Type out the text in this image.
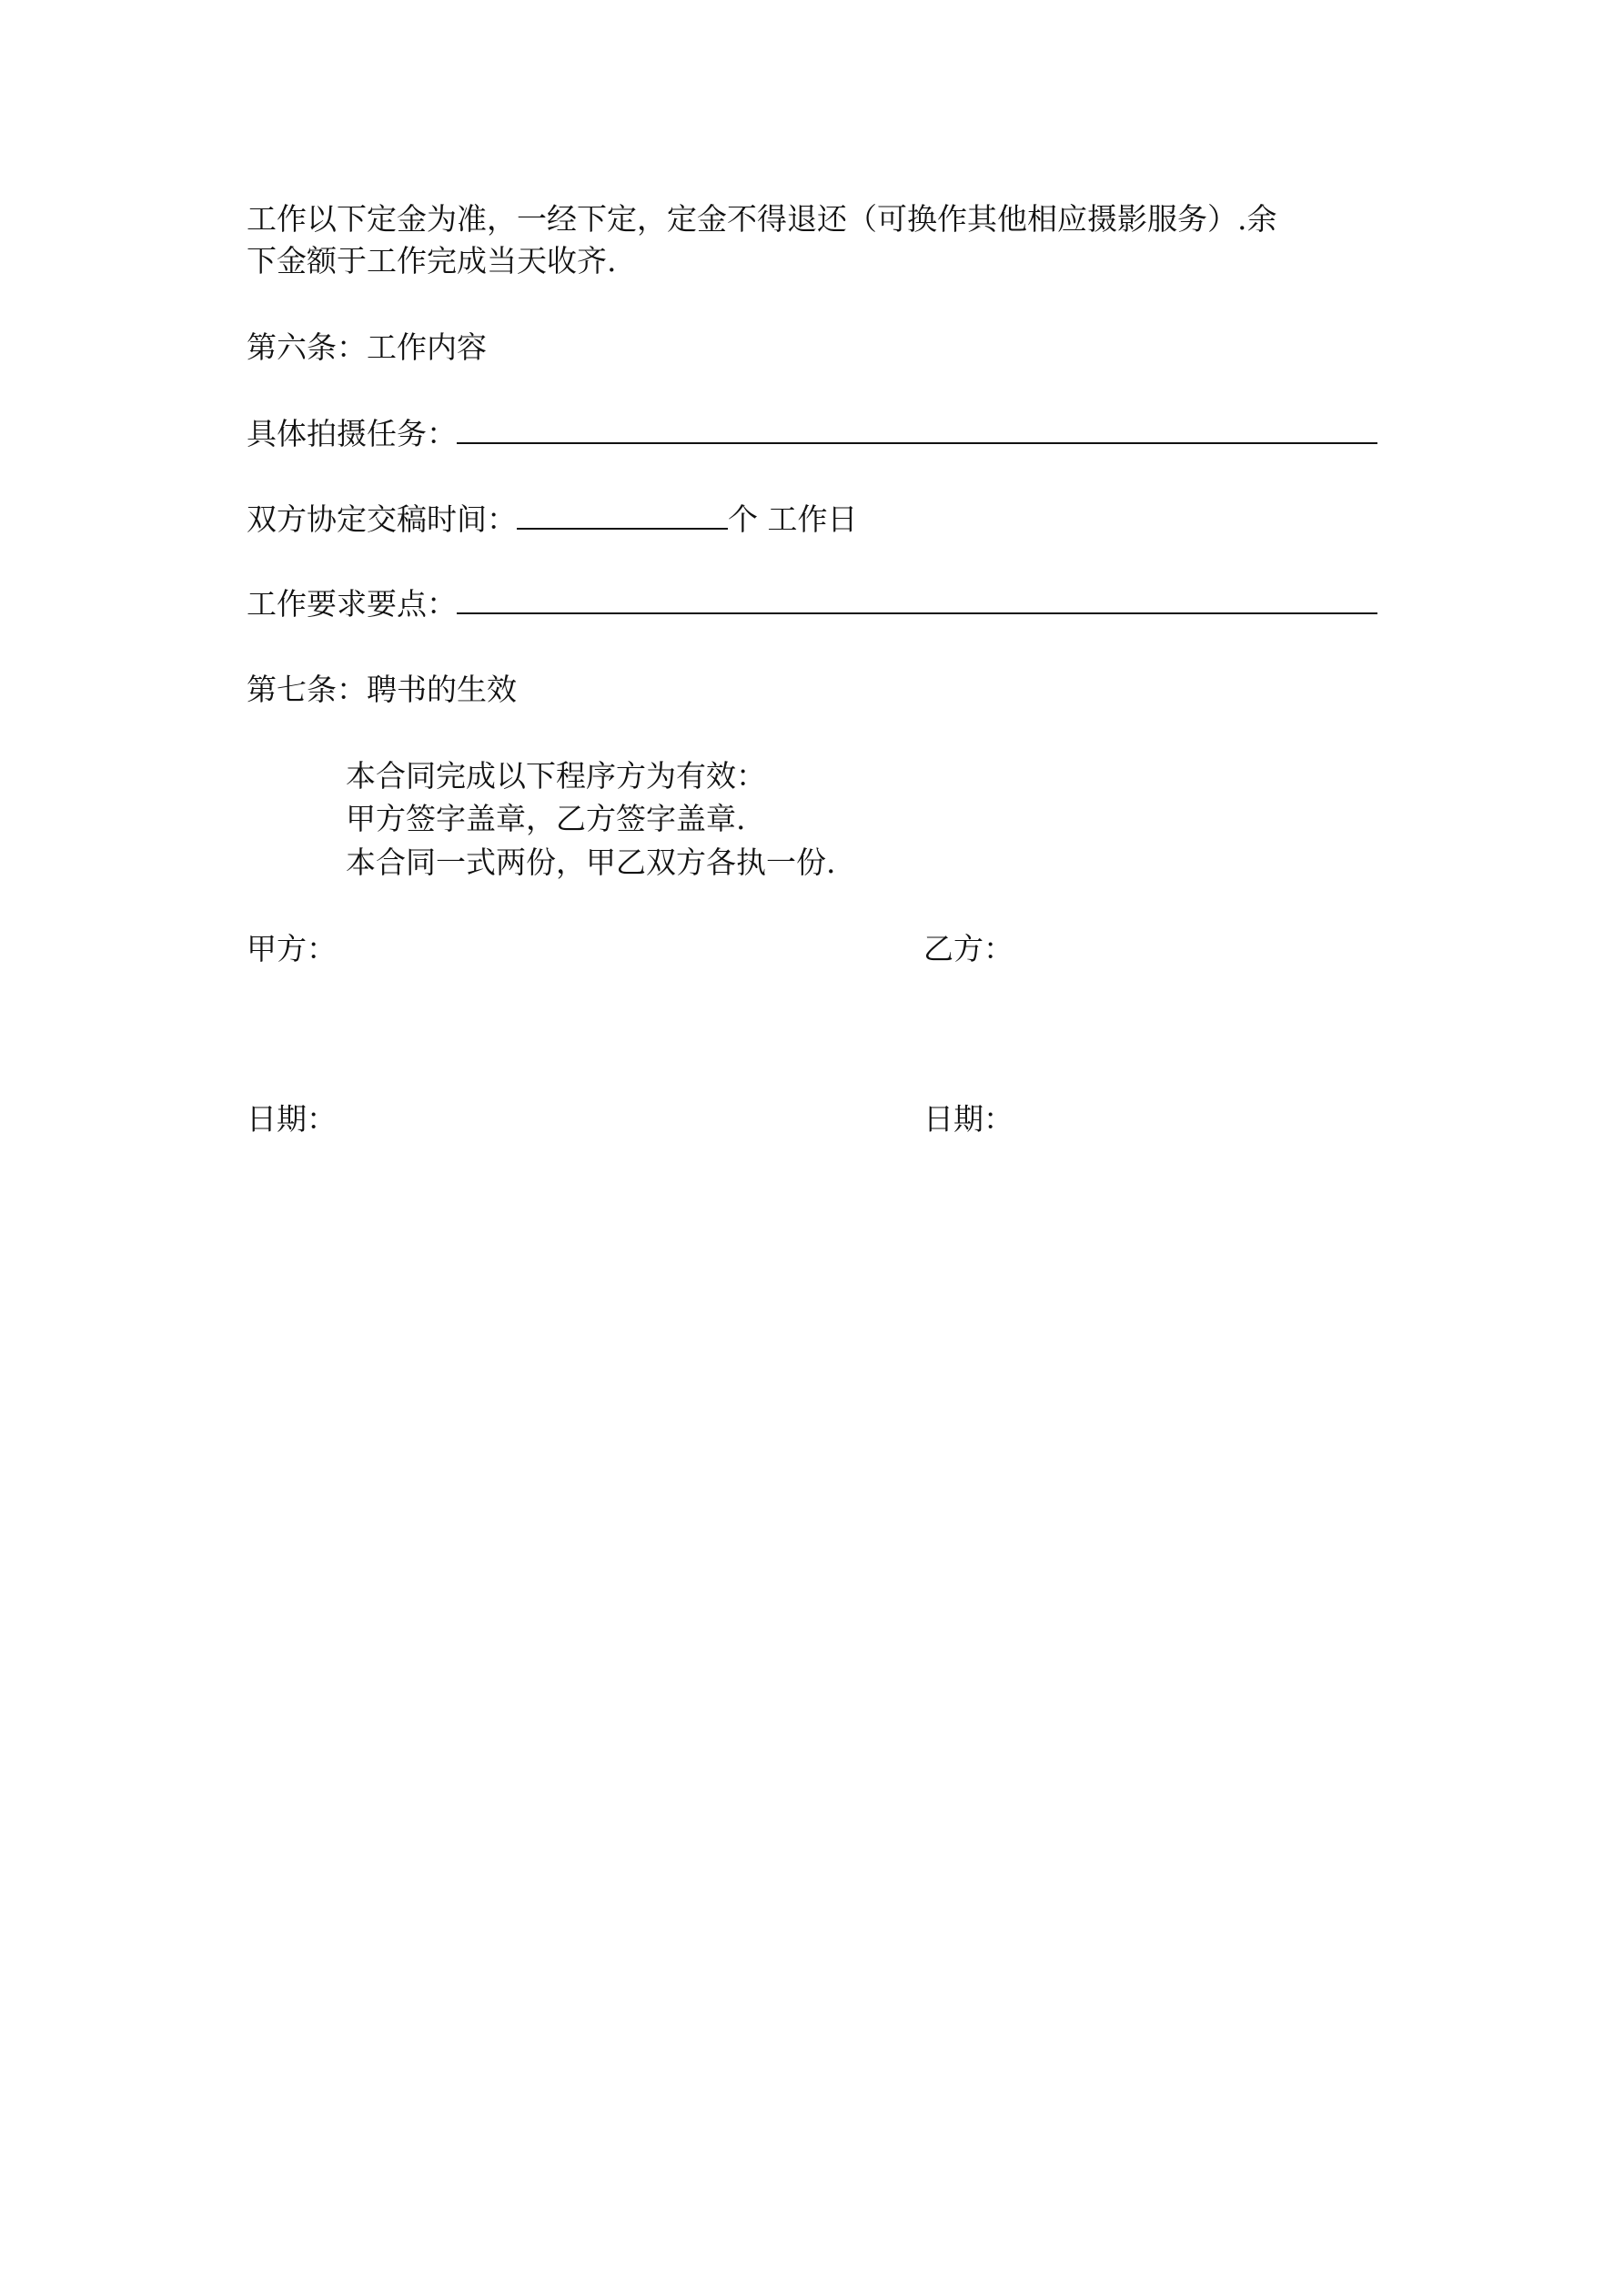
工作以下定金为准，一经下定，定金不得退还（可换作其他相应摄影服务）.余
下金额于工作完成当天收齐.
第六条：工作内容
具体拍摄任务：
双方协定交稿时间：	个 工作日
工作要求要点：
第七条：聘书的生效
本合同完成以下程序方为有效：
甲方签字盖章，乙方签字盖章.
本合同一式两份，甲乙双方各执一份.
甲方：	乙方：
日期：	日期：
